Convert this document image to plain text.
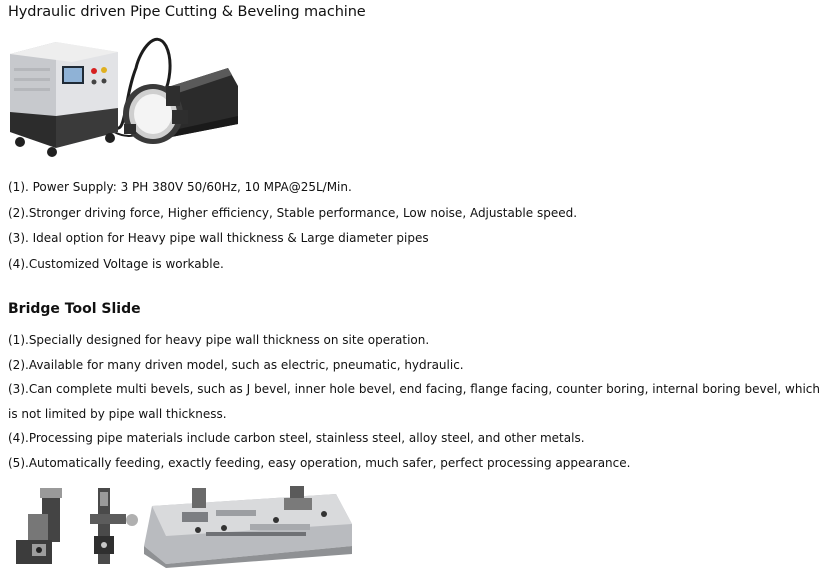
Hydraulic driven Pipe Cutting & Beveling machine
(1). Power Supply: 3 PH 380V 50/60Hz, 10 MPA@25L/Min.
(2).Stronger driving force, Higher efficiency, Stable performance, Low noise, Adjustable speed.
(3). Ideal option for Heavy pipe wall thickness & Large diameter pipes
(4).Customized Voltage is workable.
Bridge Tool Slide
(1).Specially designed for heavy pipe wall thickness on site operation.
(2).Available for many driven model, such as electric, pneumatic, hydraulic.
(3).Can complete multi bevels, such as J bevel, inner hole bevel, end facing, flange facing, counter boring, internal boring bevel, which is not limited by pipe wall thickness.
(4).Processing pipe materials include carbon steel, stainless steel, alloy steel, and other metals.
(5).Automatically feeding, exactly feeding, easy operation, much safer, perfect processing appearance.
